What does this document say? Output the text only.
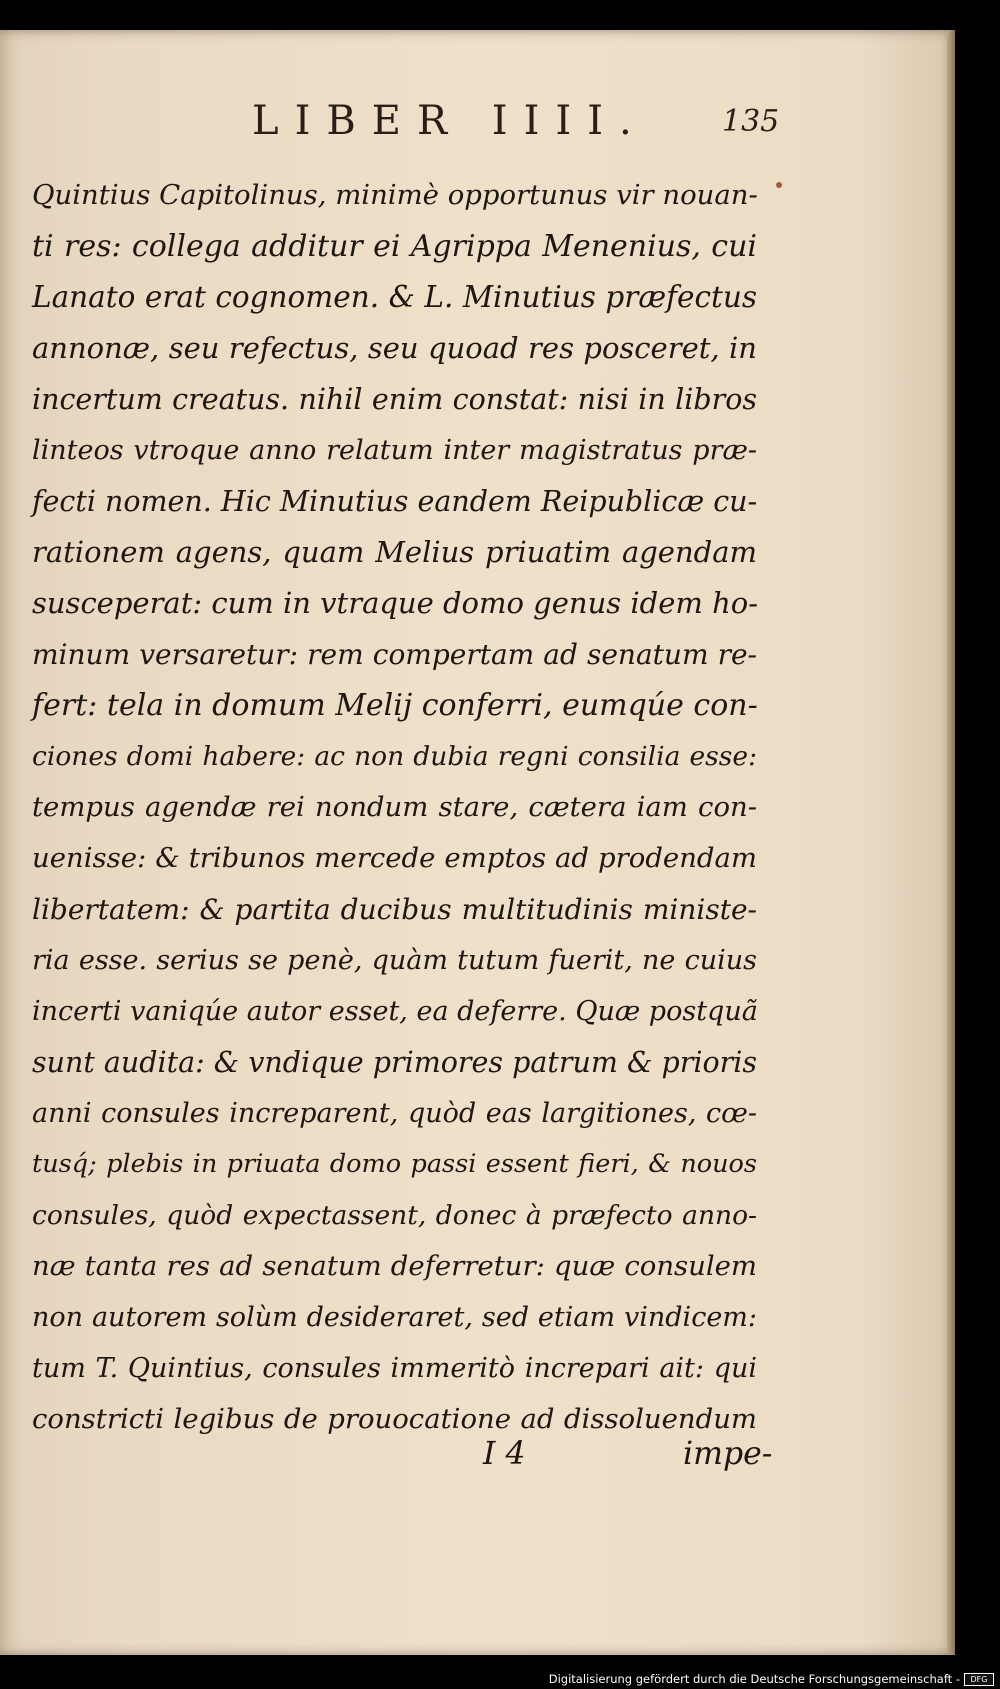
LIBER IIII. 135
Quintius Capitolinus, minimè opportunus vir nouan-
ti res: collega additur ei Agrippa Menenius, cui
Lanato erat cognomen. & L. Minutius præfectus
annonæ, seu refectus, seu quoad res posceret, in
incertum creatus. nihil enim constat: nisi in libros
linteos vtroque anno relatum inter magistratus præ-
fecti nomen. Hic Minutius eandem Reipublicæ cu-
rationem agens, quam Melius priuatim agendam
susceperat: cum in vtraque domo genus idem ho-
minum versaretur: rem compertam ad senatum re-
fert: tela in domum Melij conferri, eumqúe con-
ciones domi habere: ac non dubia regni consilia esse:
tempus agendæ rei nondum stare, cætera iam con-
uenisse: & tribunos mercede emptos ad prodendam
libertatem: & partita ducibus multitudinis ministe-
ria esse. serius se penè, quàm tutum fuerit, ne cuius
incerti vaniqúe autor esset, ea deferre. Quæ postquã
sunt audita: & vndique primores patrum & prioris
anni consules increparent, quòd eas largitiones, cœ-
tusq́; plebis in priuata domo passi essent fieri, & nouos
consules, quòd expectassent, donec à præfecto anno-
næ tanta res ad senatum deferretur: quæ consulem
non autorem solùm desideraret, sed etiam vindicem:
tum T. Quintius, consules immeritò increpari ait: qui
constricti legibus de prouocatione ad dissoluendum
I 4	impe-
Digitalisierung gefördert durch die Deutsche Forschungsgemeinschaft -	DFG
